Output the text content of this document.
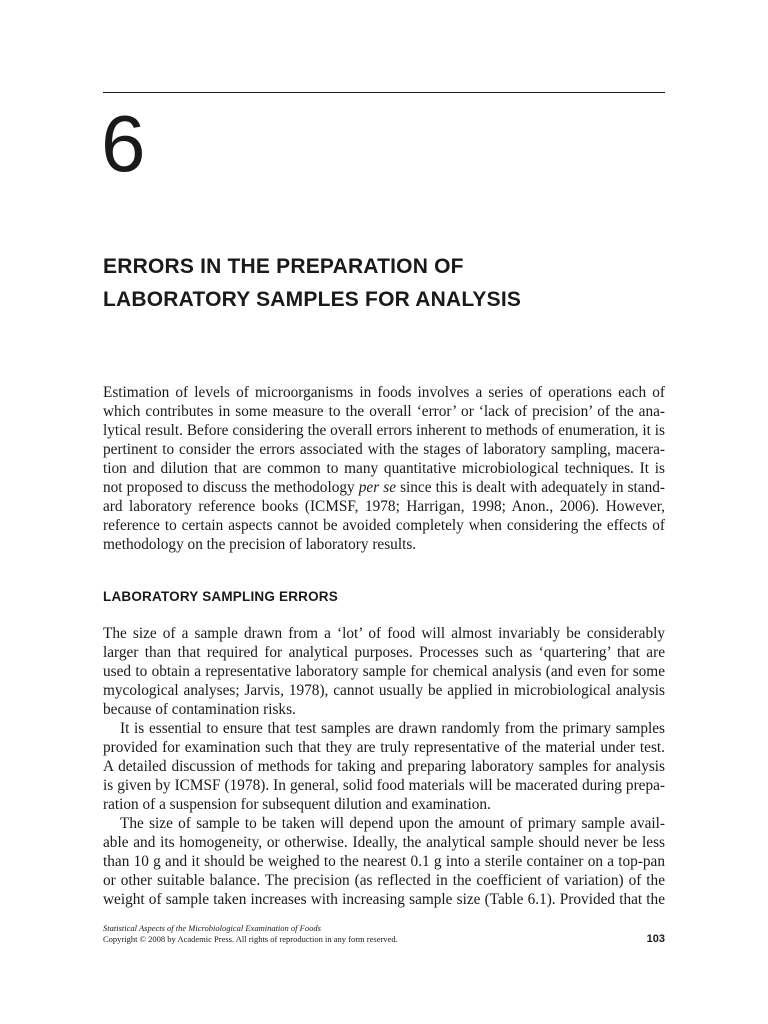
6
ERRORS IN THE PREPARATION OF
LABORATORY SAMPLES FOR ANALYSIS
Estimation of levels of microorganisms in foods involves a series of operations each of
which contributes in some measure to the overall ‘error’ or ‘lack of precision’ of the ana-
lytical result. Before considering the overall errors inherent to methods of enumeration, it is
pertinent to consider the errors associated with the stages of laboratory sampling, macera-
tion and dilution that are common to many quantitative microbiological techniques. It is
not proposed to discuss the methodology per se since this is dealt with adequately in stand-
ard laboratory reference books (ICMSF, 1978; Harrigan, 1998; Anon., 2006). However,
reference to certain aspects cannot be avoided completely when considering the effects of
methodology on the precision of laboratory results.
LABORATORY SAMPLING ERRORS
The size of a sample drawn from a ‘lot’ of food will almost invariably be considerably
larger than that required for analytical purposes. Processes such as ‘quartering’ that are
used to obtain a representative laboratory sample for chemical analysis (and even for some
mycological analyses; Jarvis, 1978), cannot usually be applied in microbiological analysis
because of contamination risks.
It is essential to ensure that test samples are drawn randomly from the primary samples
provided for examination such that they are truly representative of the material under test.
A detailed discussion of methods for taking and preparing laboratory samples for analysis
is given by ICMSF (1978). In general, solid food materials will be macerated during prepa-
ration of a suspension for subsequent dilution and examination.
The size of sample to be taken will depend upon the amount of primary sample avail-
able and its homogeneity, or otherwise. Ideally, the analytical sample should never be less
than 10 g and it should be weighed to the nearest 0.1 g into a sterile container on a top-pan
or other suitable balance. The precision (as reflected in the coefficient of variation) of the
weight of sample taken increases with increasing sample size (Table 6.1). Provided that the
Statistical Aspects of the Microbiological Examination of Foods
Copyright © 2008 by Academic Press. All rights of reproduction in any form reserved.	103
